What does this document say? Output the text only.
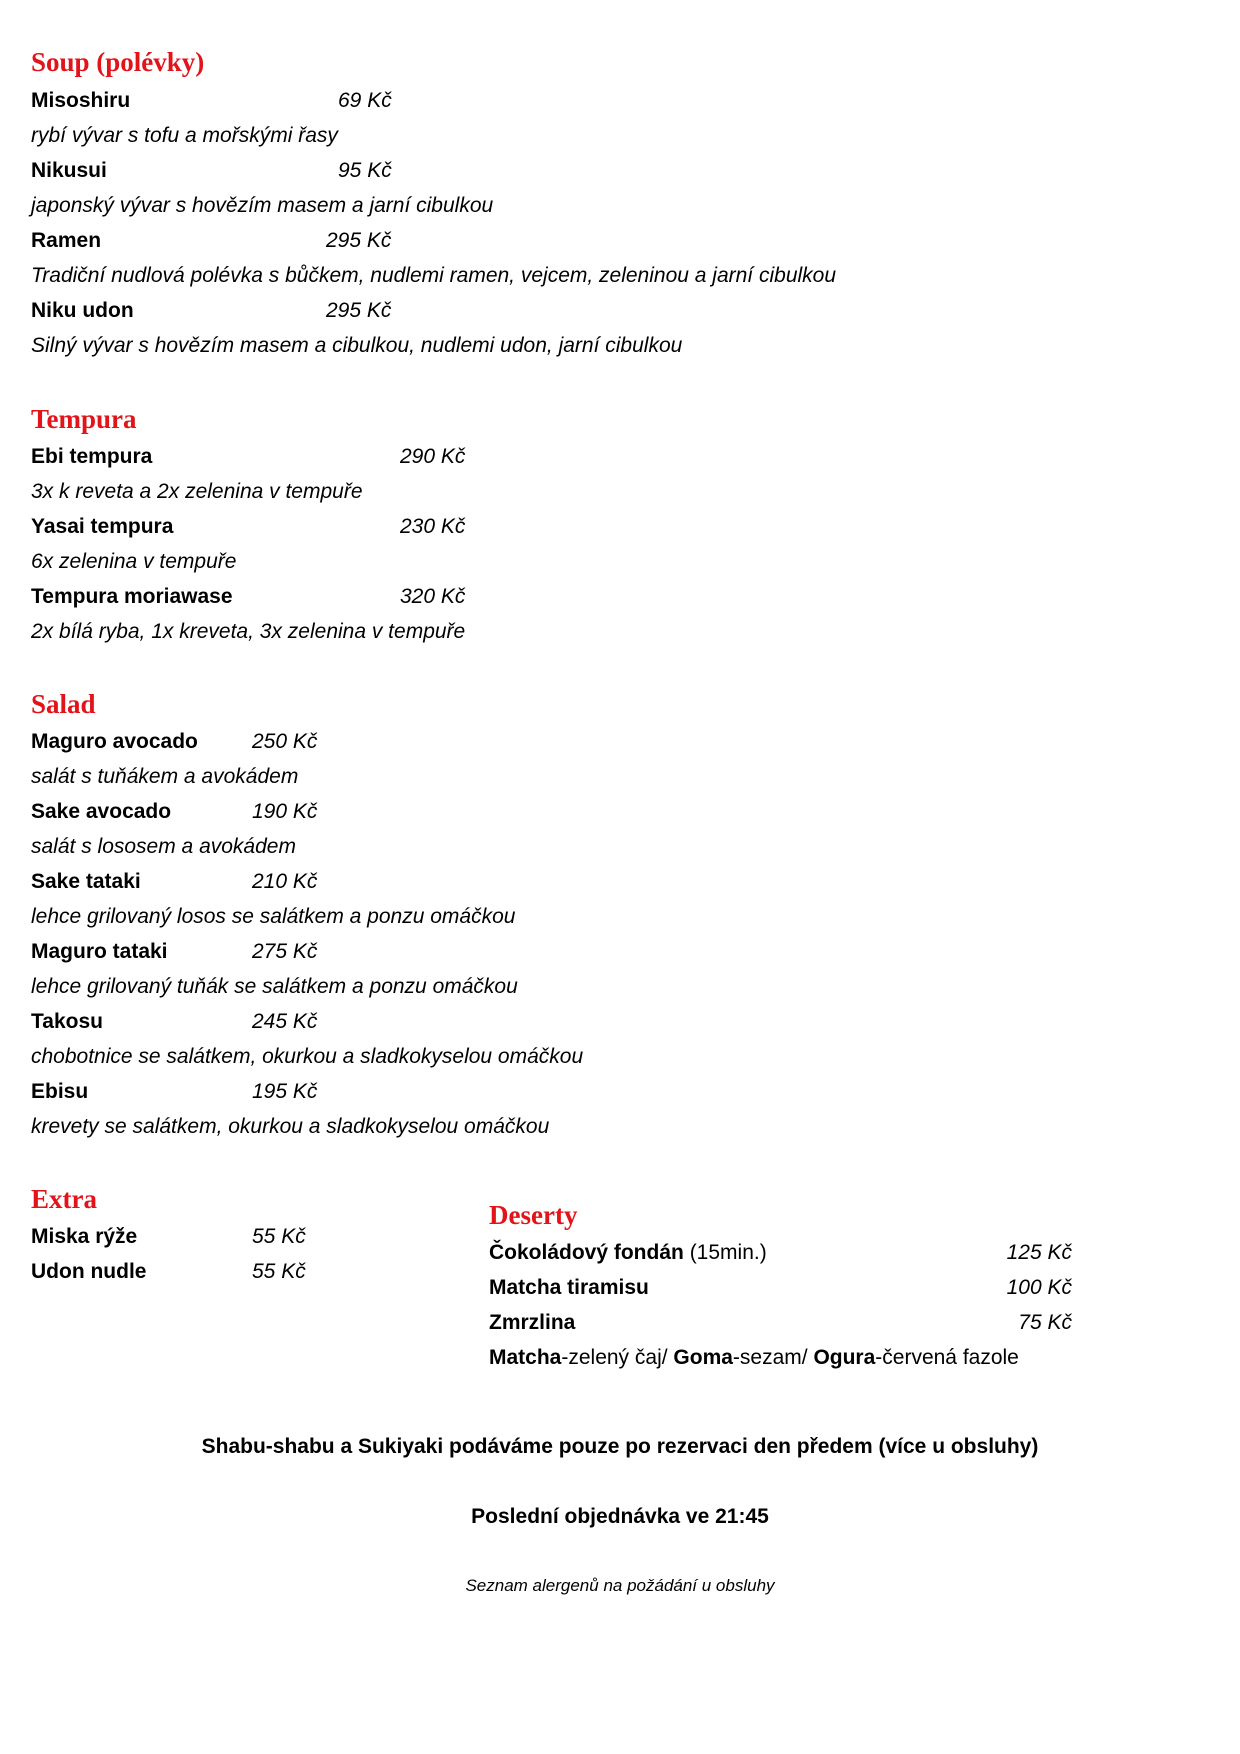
Soup (polévky)
Misoshiru	69 Kč
rybí vývar s tofu a mořskými řasy
Nikusui	95 Kč
japonský vývar s hovězím masem a jarní cibulkou
Ramen	295 Kč
Tradiční nudlová polévka s bůčkem, nudlemi ramen, vejcem, zeleninou a jarní cibulkou
Niku udon	295 Kč
Silný vývar s hovězím masem a cibulkou, nudlemi udon, jarní cibulkou
Tempura
Ebi tempura	290 Kč
3x k reveta a 2x zelenina v tempuře
Yasai tempura	230 Kč
6x zelenina v tempuře
Tempura moriawase	320 Kč
2x bílá ryba, 1x kreveta, 3x zelenina v tempuře
Salad
Maguro avocado	250 Kč
salát s tuňákem a avokádem
Sake avocado	190 Kč
salát s lososem a avokádem
Sake tataki	210 Kč
lehce grilovaný losos se salátkem a ponzu omáčkou
Maguro tataki	275 Kč
lehce grilovaný tuňák se salátkem a ponzu omáčkou
Takosu	245 Kč
chobotnice se salátkem, okurkou a sladkokyselou omáčkou
Ebisu	195 Kč
krevety se salátkem, okurkou a sladkokyselou omáčkou
Extra
Miska rýže	55 Kč
Udon nudle	55 Kč
Deserty
Čokoládový fondán (15min.)	125 Kč
Matcha tiramisu	100 Kč
Zmrzlina	75 Kč
Matcha-zelený čaj/ Goma-sezam/ Ogura-červená fazole
Shabu-shabu a Sukiyaki podáváme pouze po rezervaci den předem (více u obsluhy)
Poslední objednávka ve 21:45
Seznam alergenů na požádání u obsluhy
